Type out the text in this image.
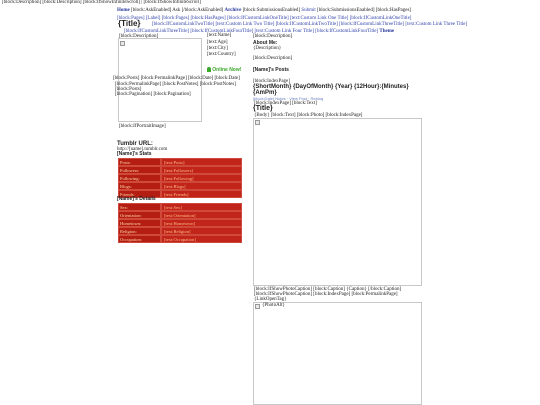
[block:Description] [block:Description] [block:IfShowInfiniteScroll] | [block:IfShowInfiniteScroll]
Home [block:AskEnabled] Ask [/block:AskEnabled] Archive [block:SubmissionsEnabled] Submit [block:SubmissionsEnabled] [block:HasPages]
[block:Pages] [Label] [block:Pages] [block:HasPages] [block:IfCustomLinkOneTitle] [text:Custom Link One Title] [block:IfCustomLinkOneTitle]
[block:IfCustomLinkTwoTitle] [text:Custom Link Two Title] [block:IfCustomLinkTwoTitle] [block:IfCustomLinkThreeTitle] [text:Custom Link Three Title]
[block:IfCustomLinkThreeTitle] [block:IfCustomLinkFourTitle] [text:Custom Link Four Title] [block:IfCustomLinkFourTitle] Theme
{Title}
[block:Description]	[text:Name]
[text:Age]
[text:City]
[text:Country]
Online Now!
[block:Description]
About Me:
{Description}
[block:Description]
[Name]'s Posts
[block:Posts] [block:PermalinkPage] [block:Date] [block:Date]
[block:PermalinkPage] [block:PostNotes] [block:PostNotes]
[block:Posts]
[block:Pagination] [block:Pagination]
[block:IfPortraitImage]
Tumblr URL:
http://[name].tumblr.com
[Name]'s Stats
Posts:	[text:Posts]
Followers:	[text:Followers]
Following:	[text:Following]
Blogs:	[text:Blogs]
Friends:	[text:Friends]
[Name]'s Details
Sex:	[text:Sex]
Orientation:	[text:Orientation]
Hometown:	[text:Hometown]
Religion:	[text:Religion]
Occupation:	[text:Occupation]
[block:IndexPage]
{ShortMonth} {DayOfMonth} {Year} {12Hour}:{Minutes}{AmPm}
[block:Date] Notes · View Post · Reblog
[block:IndexPage] [block:Text]
{Title}
{Body} [block:Text] [block:Photo] [block:IndexPage]
[block:IfShowPhotoCaption] [block:Caption] {Caption} [/block:Caption]
[block:IfShowPhotoCaption] [block:IndexPage] [block:PermalinkPage]
{LinkOpenTag}
{PhotoAlt}
